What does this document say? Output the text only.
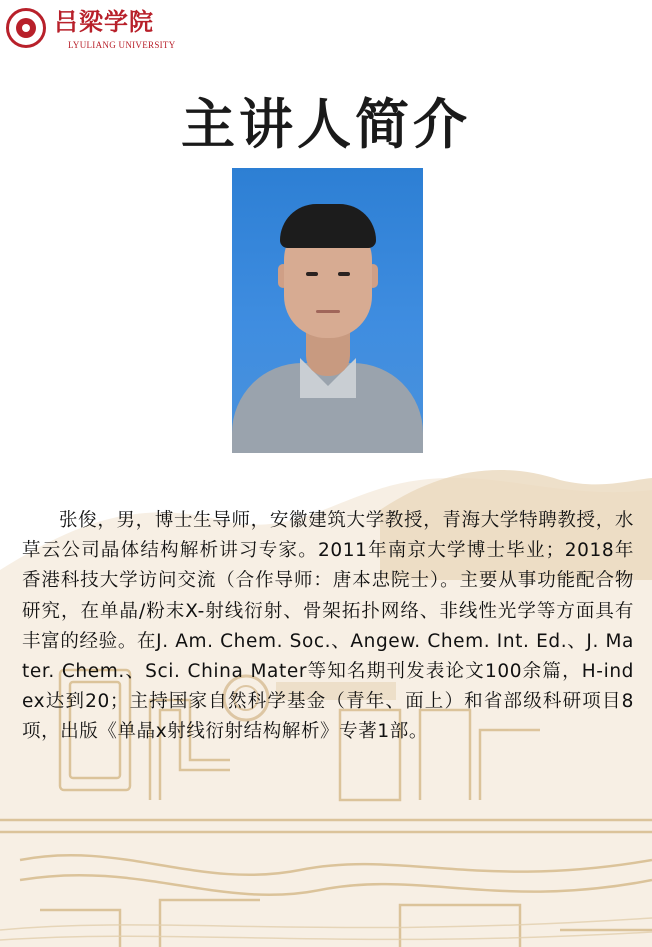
吕梁学院
LYULIANG UNIVERSITY
主讲人简介
张俊，男，博士生导师，安徽建筑大学教授，青海大学特聘教授，水草云公司晶体结构解析讲习专家。2011年南京大学博士毕业；2018年香港科技大学访问交流（合作导师：唐本忠院士）。主要从事功能配合物研究，在单晶/粉末X-射线衍射、骨架拓扑网络、非线性光学等方面具有丰富的经验。在J. Am. Chem. Soc.、Angew. Chem. Int. Ed.、J. Mater. Chem.、Sci. China Mater等知名期刊发表论文100余篇，H-index达到20；主持国家自然科学基金（青年、面上）和省部级科研项目8项，出版《单晶x射线衍射结构解析》专著1部。
